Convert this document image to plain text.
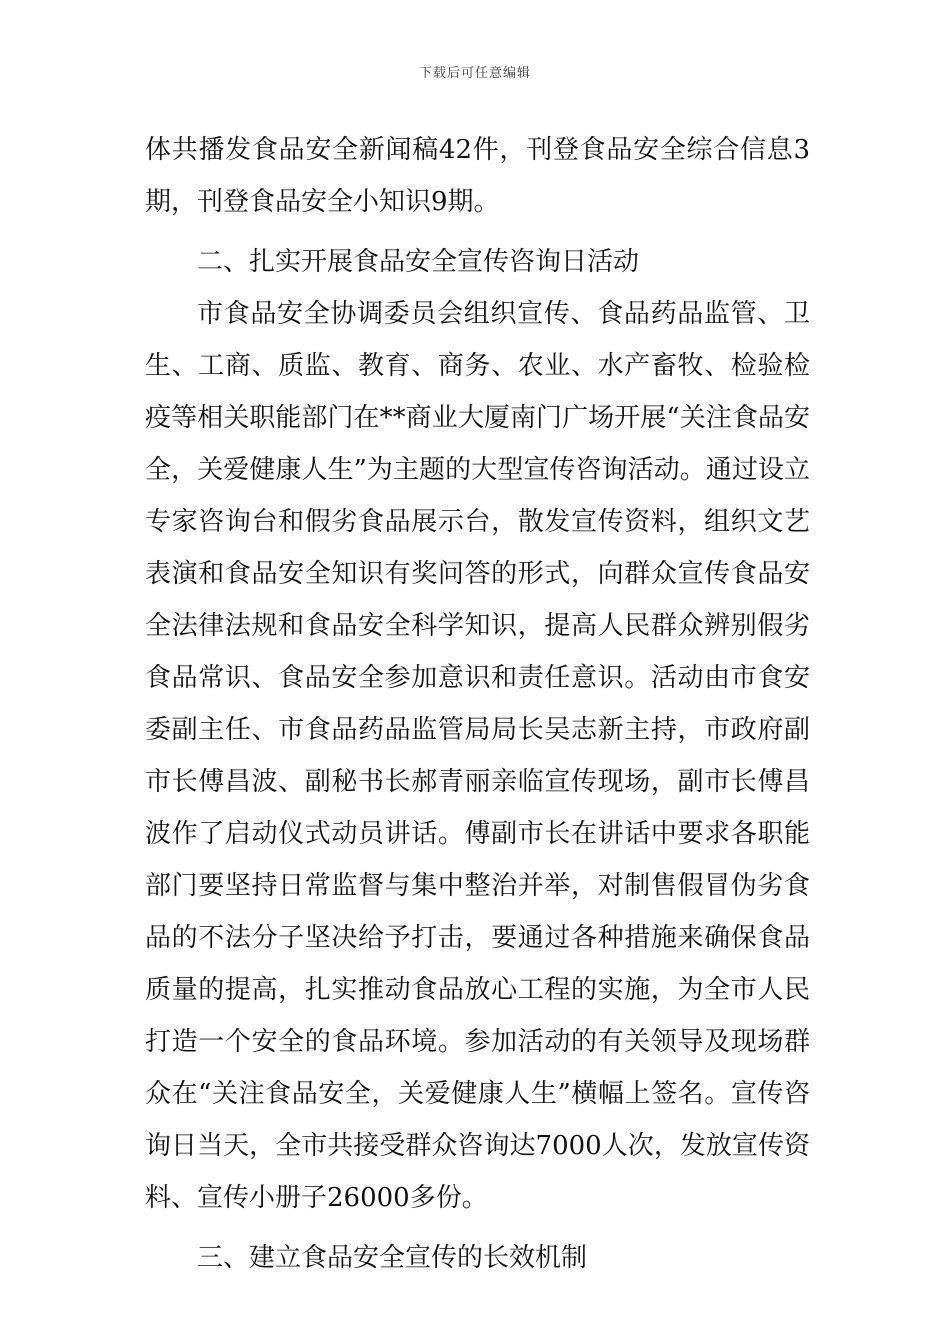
下载后可任意编辑

体共播发食品安全新闻稿42件，刊登食品安全综合信息3期，刊登食品安全小知识9期。

二、扎实开展食品安全宣传咨询日活动

市食品安全协调委员会组织宣传、食品药品监管、卫生、工商、质监、教育、商务、农业、水产畜牧、检验检疫等相关职能部门在**商业大厦南门广场开展“关注食品安全，关爱健康人生”为主题的大型宣传咨询活动。通过设立专家咨询台和假劣食品展示台，散发宣传资料，组织文艺表演和食品安全知识有奖问答的形式，向群众宣传食品安全法律法规和食品安全科学知识，提高人民群众辨别假劣食品常识、食品安全参加意识和责任意识。活动由市食安委副主任、市食品药品监管局局长吴志新主持，市政府副市长傅昌波、副秘书长郝青丽亲临宣传现场，副市长傅昌波作了启动仪式动员讲话。傅副市长在讲话中要求各职能部门要坚持日常监督与集中整治并举，对制售假冒伪劣食品的不法分子坚决给予打击，要通过各种措施来确保食品质量的提高，扎实推动食品放心工程的实施，为全市人民打造一个安全的食品环境。参加活动的有关领导及现场群众在“关注食品安全，关爱健康人生”横幅上签名。宣传咨询日当天，全市共接受群众咨询达7000人次，发放宣传资料、宣传小册子26000多份。

三、建立食品安全宣传的长效机制
